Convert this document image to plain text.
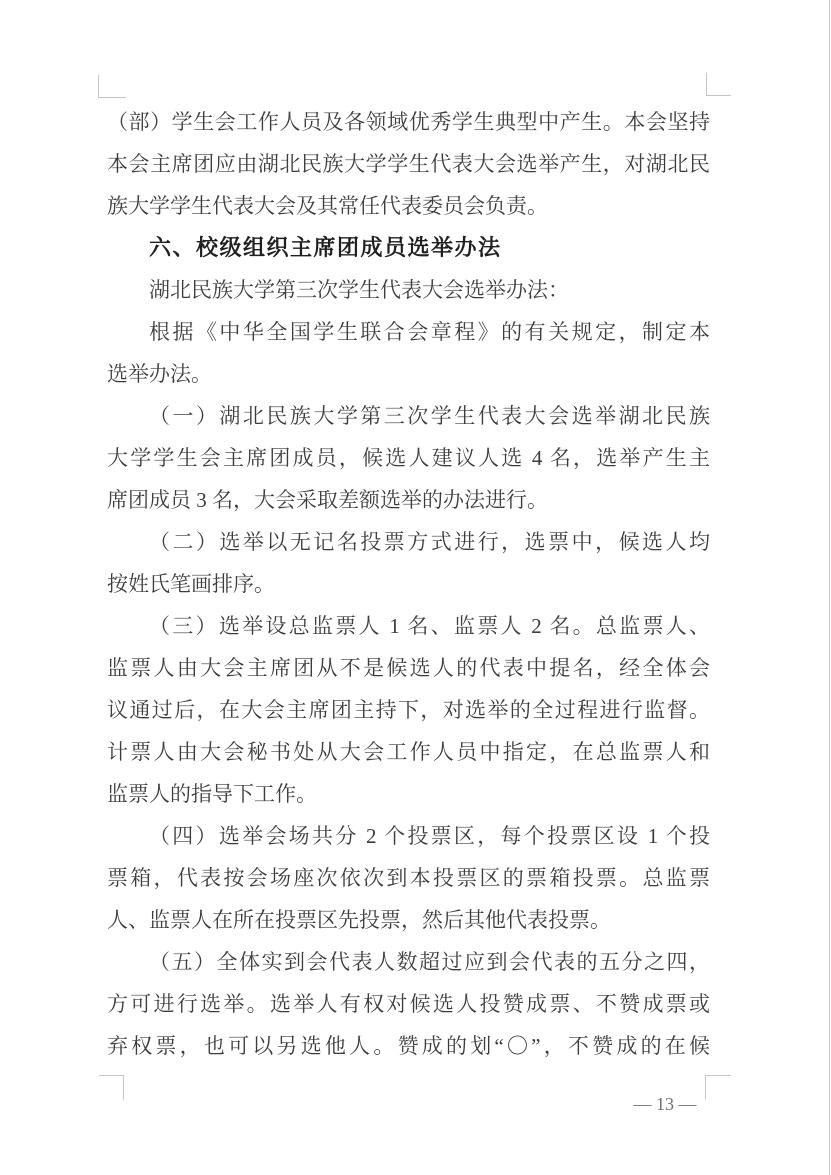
（部）学生会工作人员及各领域优秀学生典型中产生。本会坚持
本会主席团应由湖北民族大学学生代表大会选举产生，对湖北民
族大学学生代表大会及其常任代表委员会负责。
六、校级组织主席团成员选举办法
湖北民族大学第三次学生代表大会选举办法：
根据《中华全国学生联合会章程》的有关规定，制定本
选举办法。
（一）湖北民族大学第三次学生代表大会选举湖北民族
大学学生会主席团成员，候选人建议人选 4 名，选举产生主
席团成员 3 名，大会采取差额选举的办法进行。
（二）选举以无记名投票方式进行，选票中，候选人均
按姓氏笔画排序。
（三）选举设总监票人 1 名、监票人 2 名。总监票人、
监票人由大会主席团从不是候选人的代表中提名，经全体会
议通过后，在大会主席团主持下，对选举的全过程进行监督。
计票人由大会秘书处从大会工作人员中指定，在总监票人和
监票人的指导下工作。
（四）选举会场共分 2 个投票区，每个投票区设 1 个投
票箱，代表按会场座次依次到本投票区的票箱投票。总监票
人、监票人在所在投票区先投票，然后其他代表投票。
（五）全体实到会代表人数超过应到会代表的五分之四，
方可进行选举。选举人有权对候选人投赞成票、不赞成票或
弃权票，也可以另选他人。赞成的划“〇”，不赞成的在候
— 13 —
